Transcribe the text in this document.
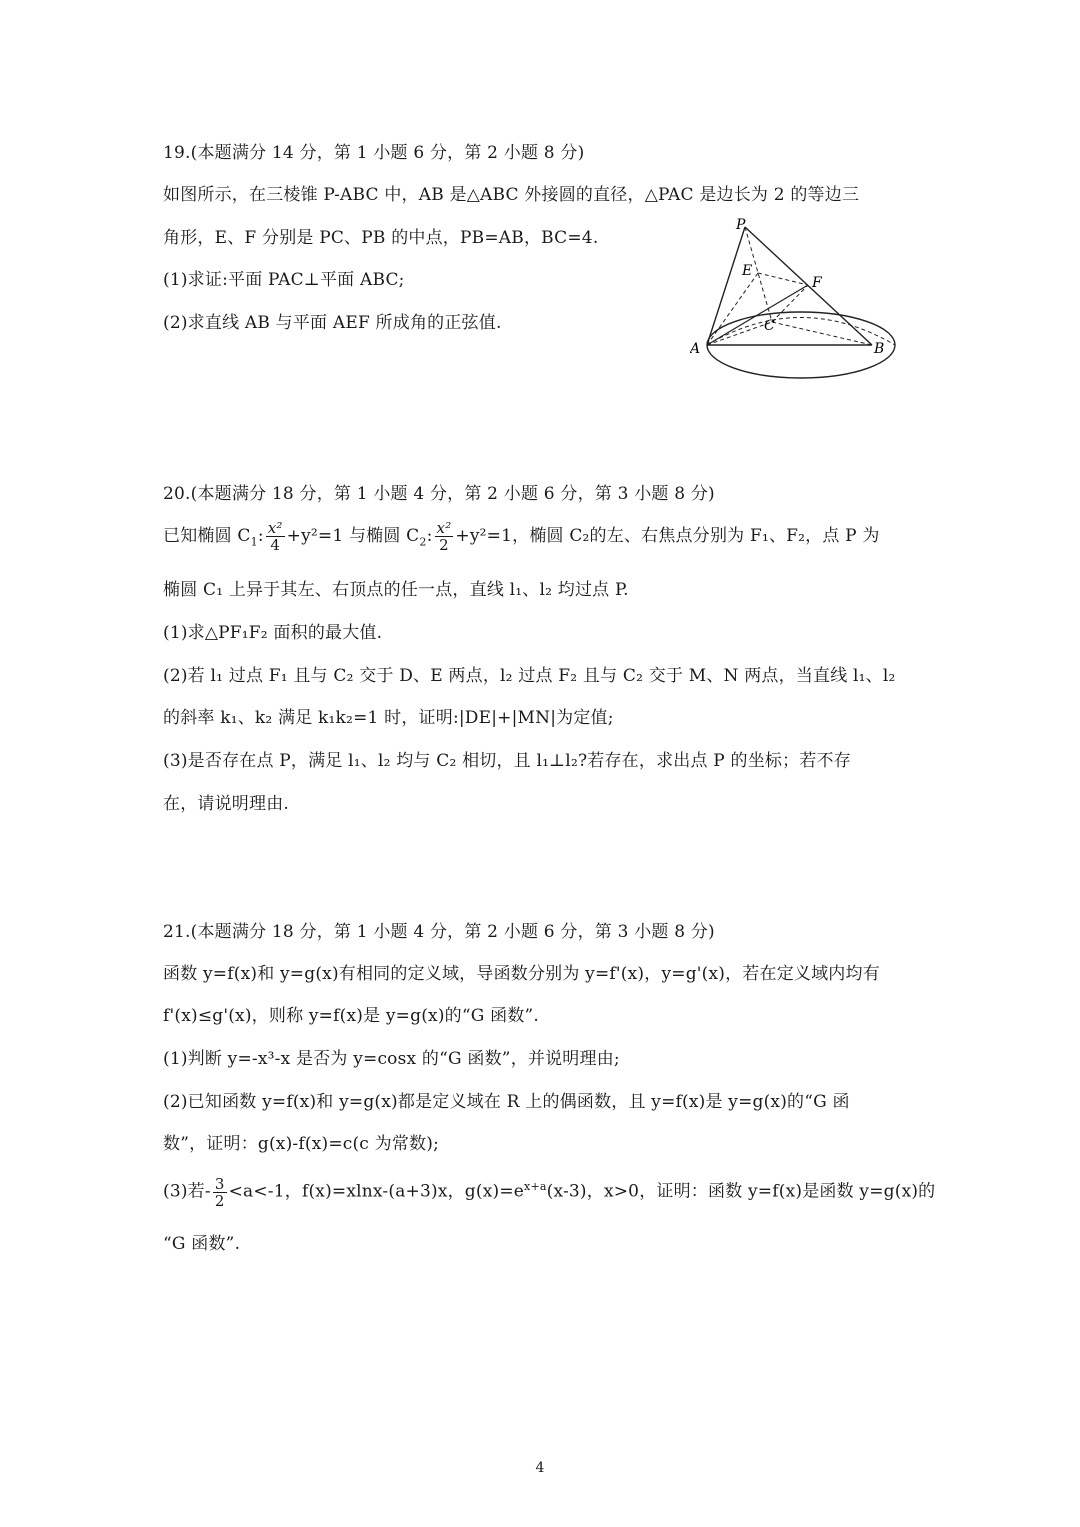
19.(本题满分 14 分，第 1 小题 6 分，第 2 小题 8 分)
如图所示，在三棱锥 P-ABC 中，AB 是△ABC 外接圆的直径，△PAC 是边长为 2 的等边三
角形，E、F 分别是 PC、PB 的中点，PB=AB，BC=4.
(1)求证:平面 PAC⊥平面 ABC;
(2)求直线 AB 与平面 AEF 所成角的正弦值.
P
E
F
C
A	B
20.(本题满分 18 分，第 1 小题 4 分，第 2 小题 6 分，第 3 小题 8 分)
已知椭圆 $C_1$: $\frac{\text{x²}}{4} +y^2=1$ 与椭圆 $C_2$: $\frac{\text{x²}}{2} +y^2=1$，椭圆 C₂的左、右焦点分别为 F₁、F₂，点 P 为
椭圆 C₁ 上异于其左、右顶点的任一点，直线 l₁、l₂ 均过点 P.
(1)求△PF₁F₂ 面积的最大值.
(2)若 l₁ 过点 F₁ 且与 C₂ 交于 D、E 两点，l₂ 过点 F₂ 且与 C₂ 交于 M、N 两点，当直线 l₁、l₂
的斜率 k₁、k₂ 满足 k₁k₂=1 时，证明:|DE|+|MN|为定值;
(3)是否存在点 P，满足 l₁、l₂ 均与 C₂ 相切，且 l₁⊥l₂?若存在，求出点 P 的坐标；若不存
在，请说明理由.
21.(本题满分 18 分，第 1 小题 4 分，第 2 小题 6 分，第 3 小题 8 分)
函数 y=f(x)和 y=g(x)有相同的定义域，导函数分别为 y=f'(x)，y=g'(x)，若在定义域内均有
f'(x)≤g'(x)，则称 y=f(x)是 y=g(x)的“G 函数”.
(1)判断 y=-x³-x 是否为 y=cosx 的“G 函数”，并说明理由;
(2)已知函数 y=f(x)和 y=g(x)都是定义域在 R 上的偶函数，且 y=f(x)是 y=g(x)的“G 函
数”，证明：g(x)-f(x)=c(c 为常数);
(3)若- $\frac{3}{2} <a<-1$，f(x)=xlnx-(a+3)x，$g(x)=e^{x+a}(x-3)$，x>0，证明：函数 y=f(x)是函数 y=g(x)的
“G 函数”.
4
